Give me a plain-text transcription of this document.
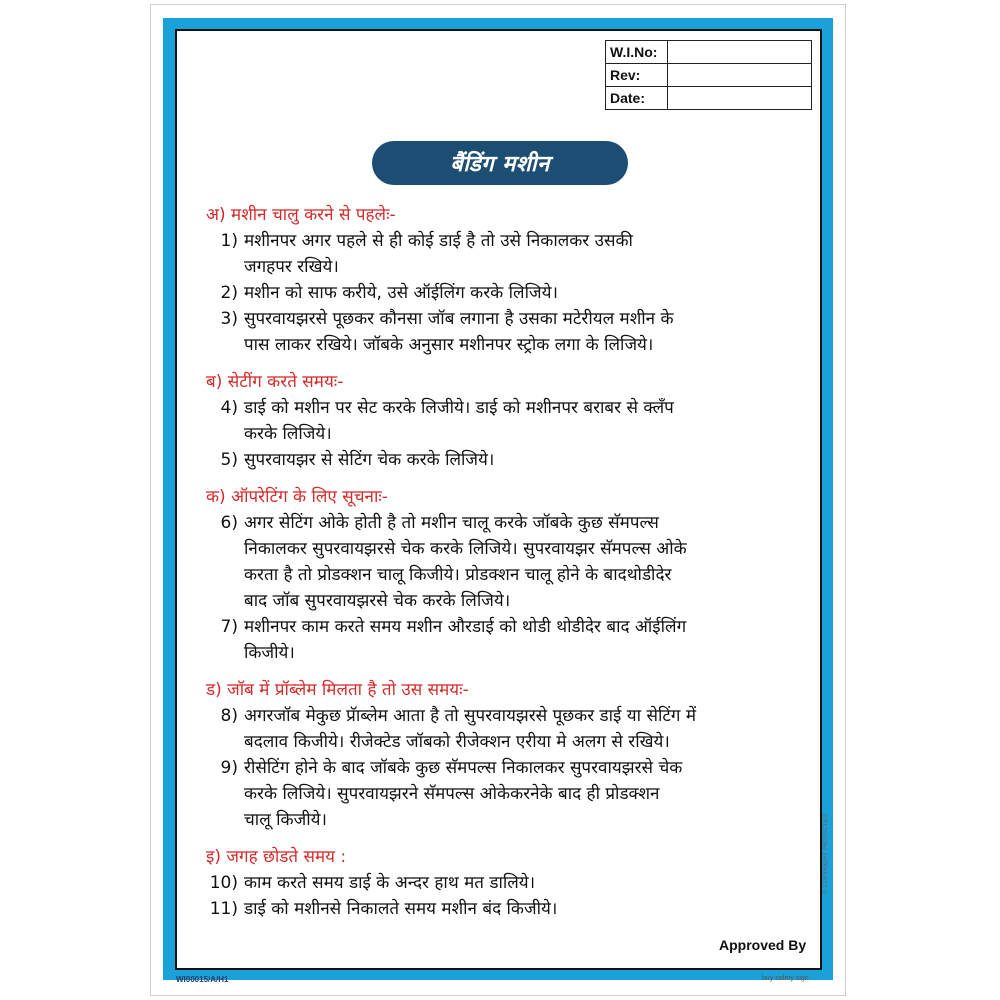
W.I.No:	
Rev:	
Date:	
बैंडिंग मशीन
अ) मशीन चालु करने से पहलेः-
1) मशीनपर अगर पहले से ही कोई डाई है तो उसे निकालकर उसकी
जगहपर रखिये।
2) मशीन को साफ करीये, उसे ऑईलिंग करके लिजिये।
3) सुपरवायझरसे पूछकर कौनसा जॉब लगाना है उसका मटेरीयल मशीन के
पास लाकर रखिये। जॉबके अनुसार मशीनपर स्ट्रोक लगा के लिजिये।
ब) सेटींग करते समयः-
4) डाई को मशीन पर सेट करके लिजीये। डाई को मशीनपर बराबर से क्लॅंप
करके लिजिये।
5) सुपरवायझर से सेटिंग चेक करके लिजिये।
क) ऑपरेटिंग के लिए सूचनाः-
6) अगर सेटिंग ओके होती है तो मशीन चालू करके जॉबके कुछ सॅमपल्स
निकालकर सुपरवायझरसे चेक करके लिजिये। सुपरवायझर सॅमपल्स ओके
करता है तो प्रोडक्शन चालू किजीये। प्रोडक्शन चालू होने के बादथोडीदेर
बाद जॉब सुपरवायझरसे चेक करके लिजिये।
7) मशीनपर काम करते समय मशीन औरडाई को थोडी थोडीदेर बाद ऑईलिंग
किजीये।
ड) जॉब में प्रॉब्लेम मिलता है तो उस समयः-
8) अगरजॉब मेकुछ प्रॅाब्लेम आता है तो सुपरवायझरसे पूछकर डाई या सेटिंग में
बदलाव किजीये। रीजेक्टेड जॉबको रीजेक्शन एरीया मे अलग से रखिये।
9) रीसेटिंग होने के बाद जॉबके कुछ सॅमपल्स निकालकर सुपरवायझरसे चेक
करके लिजिये। सुपरवायझरने सॅमपल्स ओकेकरनेके बाद ही प्रोडक्शन
चालू किजीये।
इ) जगह छोडते समय :
10) काम करते समय डाई के अन्दर हाथ मत डालिये।
11) डाई को मशीनसे निकालते समय मशीन बंद किजीये।
Approved By
WI00015/A/H1	buy safety sign
© COPYRIGHT PROTECTED
